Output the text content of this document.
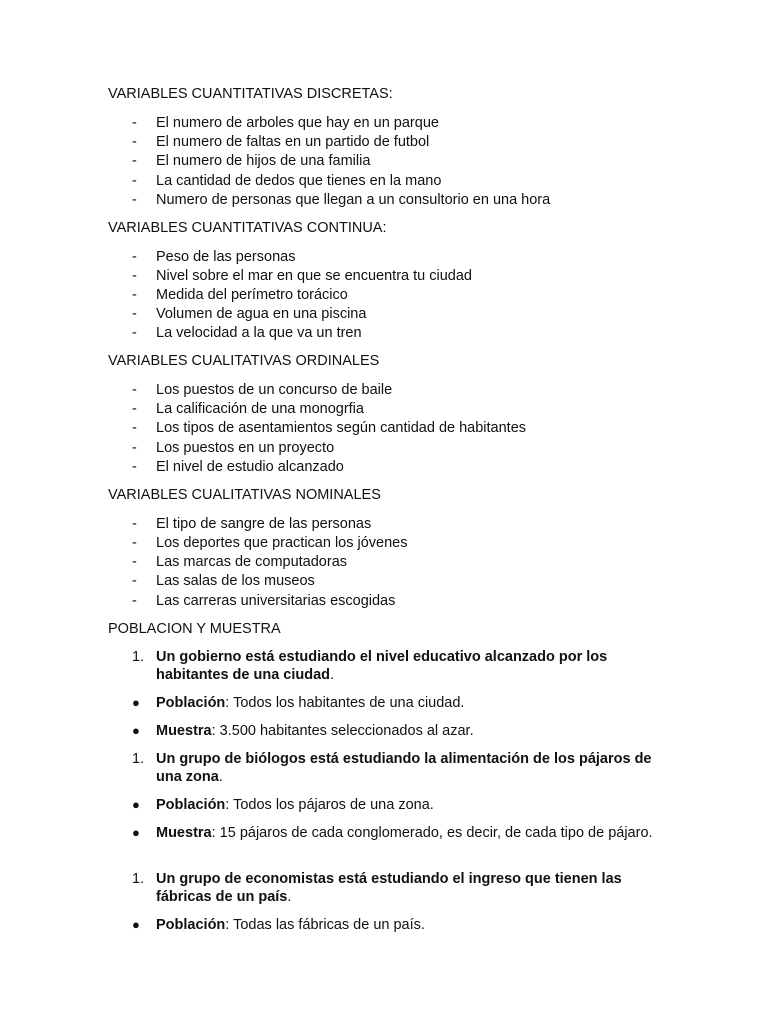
VARIABLES CUANTITATIVAS DISCRETAS:
- El numero de arboles que hay en un parque
- El numero de faltas en un partido de futbol
- El numero de hijos de una familia
- La cantidad de dedos que tienes en la mano
- Numero de personas que llegan a un consultorio en una hora
VARIABLES CUANTITATIVAS CONTINUA:
- Peso de las personas
- Nivel sobre el mar en que se encuentra tu ciudad
- Medida del perímetro torácico
- Volumen de agua en una piscina
- La velocidad a la que va un tren
VARIABLES CUALITATIVAS ORDINALES
- Los puestos de un concurso de baile
- La calificación de una monogrfia
- Los tipos de asentamientos según cantidad de habitantes
- Los puestos en un proyecto
- El nivel de estudio alcanzado
VARIABLES CUALITATIVAS NOMINALES
- El tipo de sangre de las personas
- Los deportes que practican los jóvenes
- Las marcas de computadoras
- Las salas de los museos
- Las carreras universitarias escogidas
POBLACION Y MUESTRA
1. Un gobierno está estudiando el nivel educativo alcanzado por los habitantes de una ciudad.
● Población: Todos los habitantes de una ciudad.
● Muestra: 3.500 habitantes seleccionados al azar.
1. Un grupo de biólogos está estudiando la alimentación de los pájaros de una zona.
● Población: Todos los pájaros de una zona.
● Muestra: 15 pájaros de cada conglomerado, es decir, de cada tipo de pájaro.
1. Un grupo de economistas está estudiando el ingreso que tienen las fábricas de un país.
● Población: Todas las fábricas de un país.
